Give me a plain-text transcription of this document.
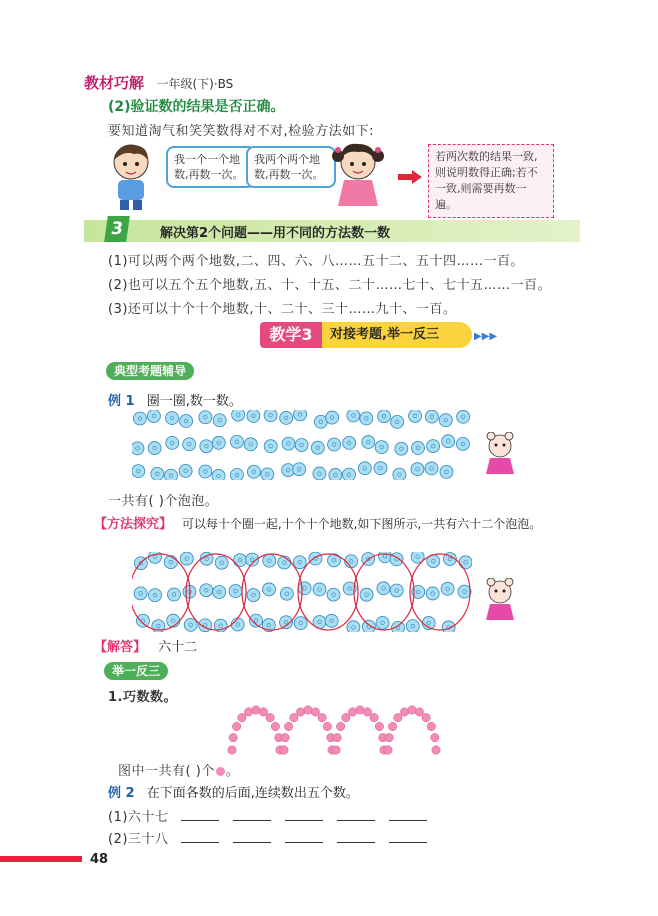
教材巧解 一年级(下)·BS
(2)验证数的结果是否正确。
要知道淘气和笑笑数得对不对,检验方法如下:
我一个一个地数,再数一次。
我两个两个地数,再数一次。
若两次数的结果一致,则说明数得正确;若不一致,则需要再数一遍。
3	解决第2个问题——用不同的方法数一数
(1)可以两个两个地数,二、四、六、八……五十二、五十四……一百。
(2)也可以五个五个地数,五、十、十五、二十……七十、七十五……一百。
(3)还可以十个十个地数,十、二十、三十……九十、一百。
教学3	对接考题,举一反三	▶▶▶
典型考题辅导
例 1 圈一圈,数一数。
一共有( )个泡泡。
【方法探究】 可以每十个圈一起,十个十个地数,如下图所示,一共有六十二个泡泡。
【解答】 六十二
举一反三
1.巧数数。
图中一共有( )个 。
例 2 在下面各数的后面,连续数出五个数。
(1)六十七
(2)三十八
48
